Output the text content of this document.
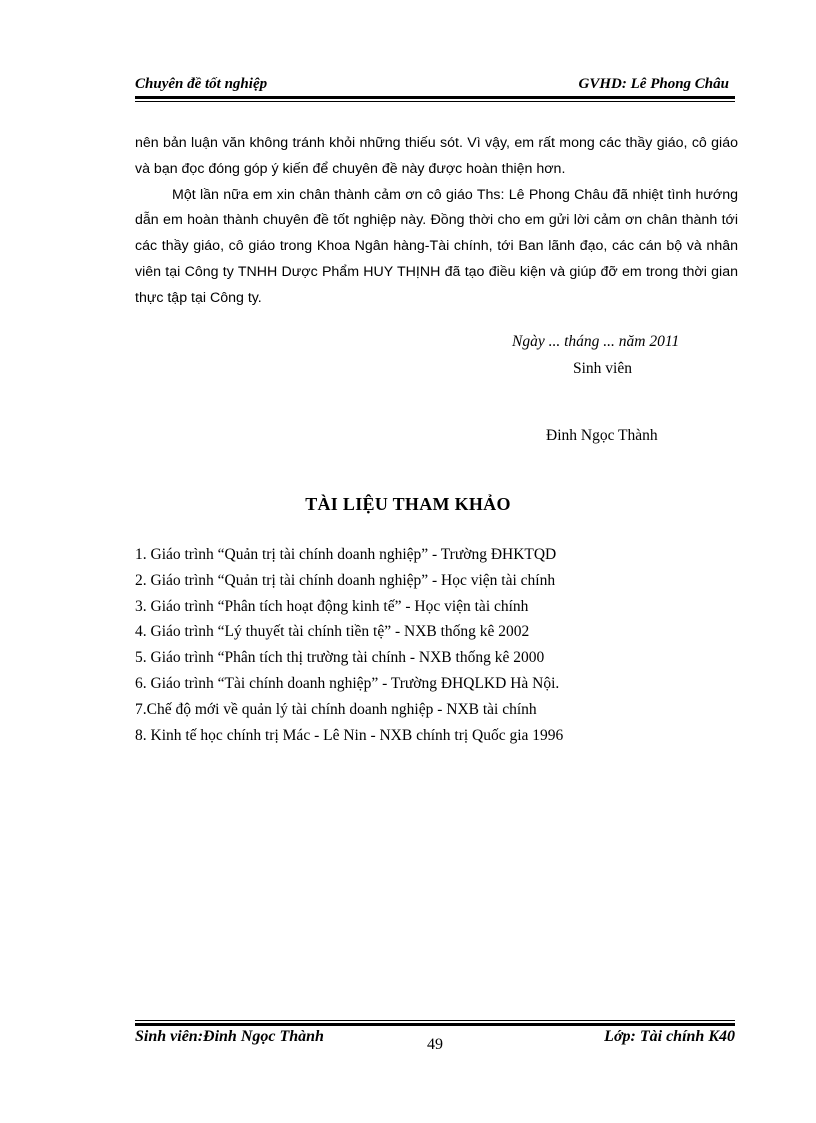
Chuyên đề tốt nghiệp	GVHD: Lê Phong Châu

nên bản luận văn không tránh khỏi những thiếu sót. Vì vậy, em rất mong các thầy giáo, cô giáo và bạn đọc đóng góp ý kiến để chuyên đề này được hoàn thiện hơn.

Một lần nữa em xin chân thành cảm ơn cô giáo Ths: Lê Phong Châu đã nhiệt tình hướng dẫn em hoàn thành chuyên đề tốt nghiệp này. Đồng thời cho em gửi lời cảm ơn chân thành tới các thầy giáo, cô giáo trong Khoa Ngân hàng-Tài chính, tới Ban lãnh đạo, các cán bộ và nhân viên tại Công ty TNHH Dược Phẩm HUY THỊNH đã tạo điều kiện và giúp đỡ em trong thời gian thực tập tại Công ty.

Ngày ... tháng ... năm 2011
Sinh viên
Đinh Ngọc Thành
TÀI LIỆU THAM KHẢO
1. Giáo trình “Quản trị tài chính doanh nghiệp” - Trường ĐHKTQD
2. Giáo trình “Quản trị tài chính doanh nghiệp” - Học viện tài chính
3. Giáo trình “Phân tích hoạt động kinh tế” - Học viện tài chính
4. Giáo trình “Lý thuyết tài chính tiền tệ” - NXB thống kê 2002
5. Giáo trình “Phân tích thị trường tài chính - NXB thống kê 2000
6. Giáo trình “Tài chính doanh nghiệp” - Trường ĐHQLKD Hà Nội.
7.Chế độ mới về quản lý tài chính doanh nghiệp - NXB tài chính
8. Kinh tế học chính trị Mác - Lê Nin - NXB chính trị Quốc gia 1996
Sinh viên:Đinh Ngọc Thành	Lớp: Tài chính K40
49
